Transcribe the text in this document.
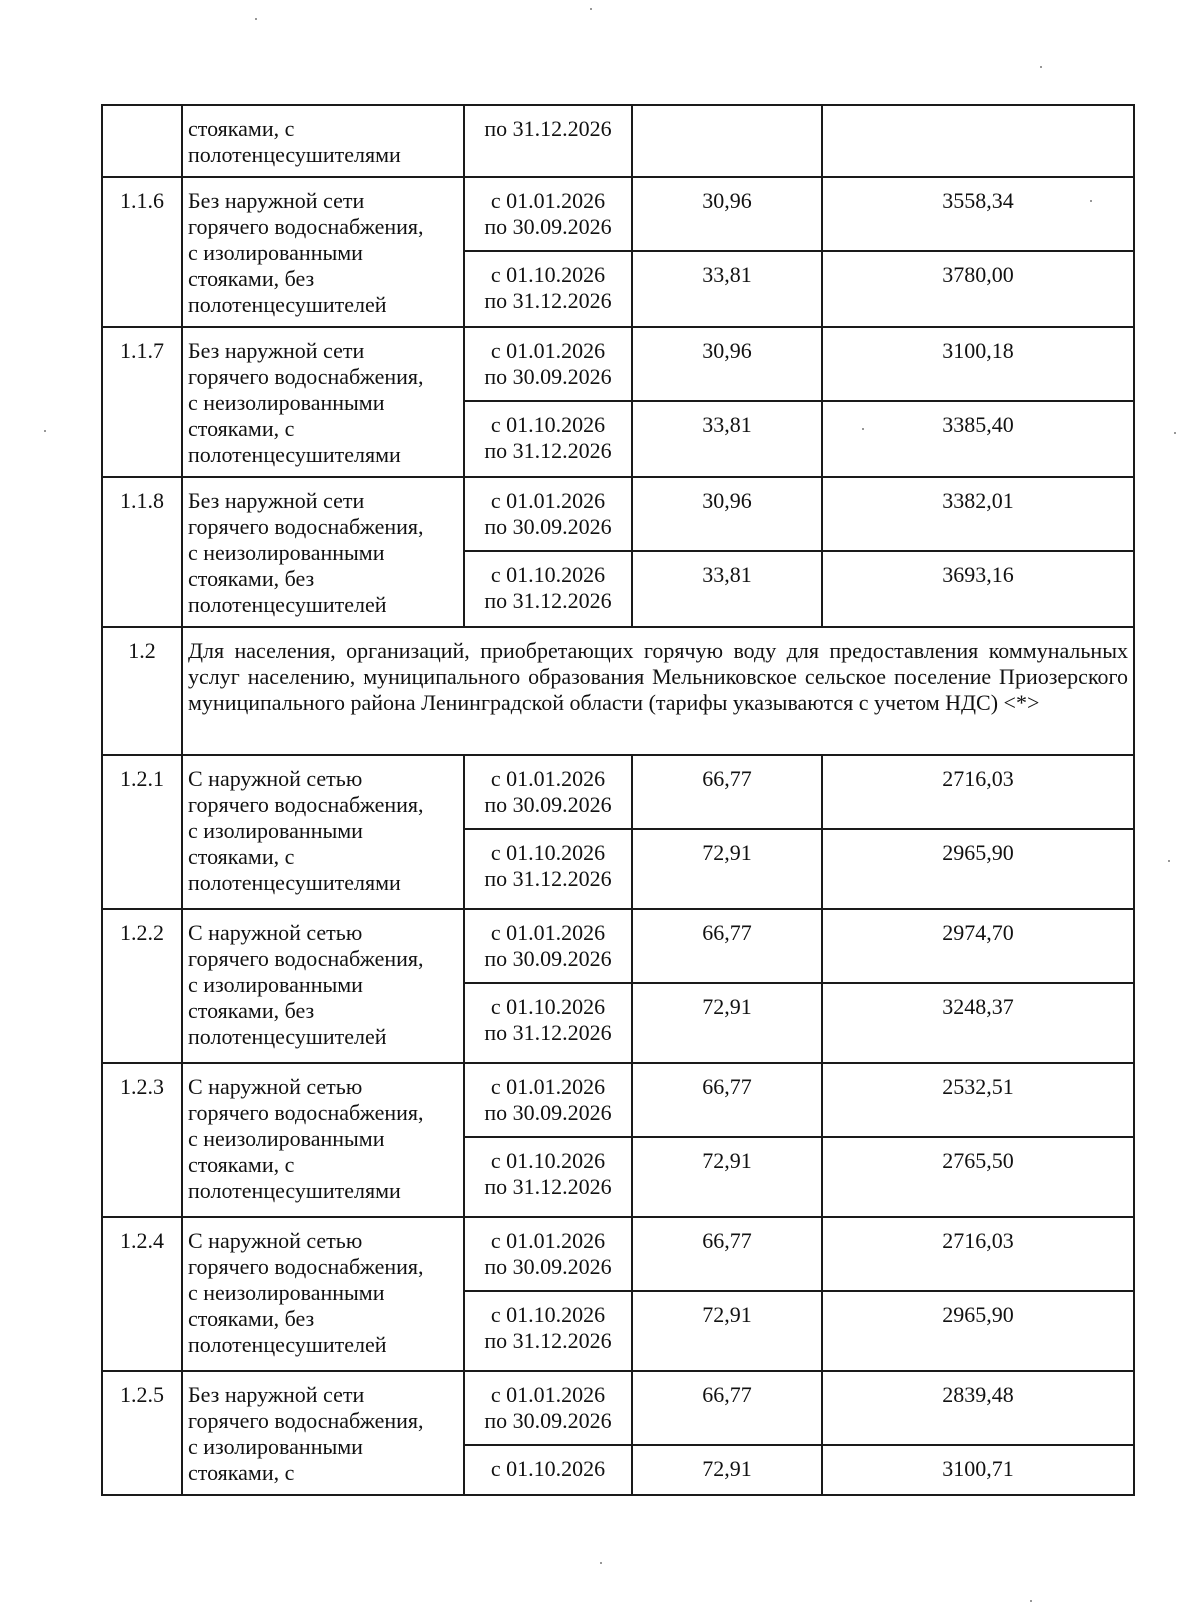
	стояками, с
полотенцесушителями	по 31.12.2026		
1.1.6	Без наружной сети
горячего водоснабжения,
с изолированными
стояками, без
полотенцесушителей	с 01.01.2026
по 30.09.2026	30,96	3558,34
		с 01.10.2026
по 31.12.2026	33,81	3780,00
1.1.7	Без наружной сети
горячего водоснабжения,
с неизолированными
стояками, с
полотенцесушителями	с 01.01.2026
по 30.09.2026	30,96	3100,18
		с 01.10.2026
по 31.12.2026	33,81	3385,40
1.1.8	Без наружной сети
горячего водоснабжения,
с неизолированными
стояками, без
полотенцесушителей	с 01.01.2026
по 30.09.2026	30,96	3382,01
		с 01.10.2026
по 31.12.2026	33,81	3693,16
1.2	Для населения, организаций, приобретающих горячую воду для предоставления коммунальных услуг населению, муниципального образования Мельниковское сельское поселение Приозерского муниципального района Ленинградской области (тарифы указываются с учетом НДС) <*>			
1.2.1	С наружной сетью
горячего водоснабжения,
с изолированными
стояками, с
полотенцесушителями	с 01.01.2026
по 30.09.2026	66,77	2716,03
		с 01.10.2026
по 31.12.2026	72,91	2965,90
1.2.2	С наружной сетью
горячего водоснабжения,
с изолированными
стояками, без
полотенцесушителей	с 01.01.2026
по 30.09.2026	66,77	2974,70
		с 01.10.2026
по 31.12.2026	72,91	3248,37
1.2.3	С наружной сетью
горячего водоснабжения,
с неизолированными
стояками, с
полотенцесушителями	с 01.01.2026
по 30.09.2026	66,77	2532,51
		с 01.10.2026
по 31.12.2026	72,91	2765,50
1.2.4	С наружной сетью
горячего водоснабжения,
с неизолированными
стояками, без
полотенцесушителей	с 01.01.2026
по 30.09.2026	66,77	2716,03
		с 01.10.2026
по 31.12.2026	72,91	2965,90
1.2.5	Без наружной сети
горячего водоснабжения,
с изолированными
стояками, с	с 01.01.2026
по 30.09.2026	66,77	2839,48
		с 01.10.2026	72,91	3100,71
